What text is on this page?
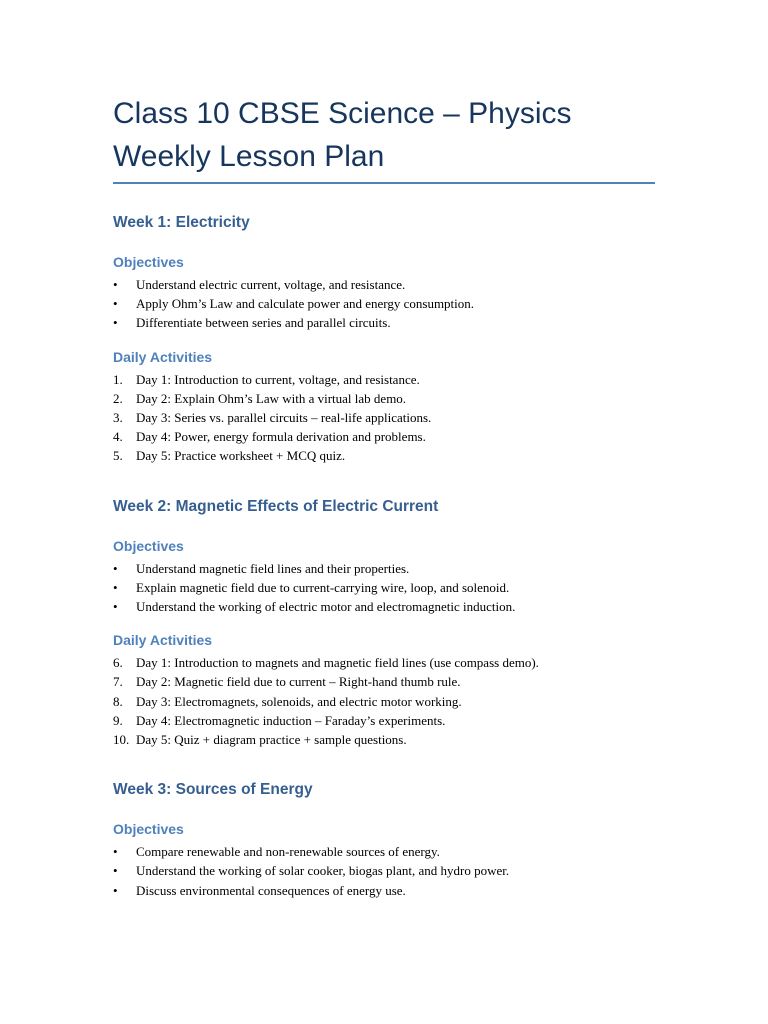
Class 10 CBSE Science – Physics Weekly Lesson Plan
Week 1: Electricity
Objectives
•	Understand electric current, voltage, and resistance.
•	Apply Ohm’s Law and calculate power and energy consumption.
•	Differentiate between series and parallel circuits.
Daily Activities
1.	Day 1: Introduction to current, voltage, and resistance.
2.	Day 2: Explain Ohm’s Law with a virtual lab demo.
3.	Day 3: Series vs. parallel circuits – real-life applications.
4.	Day 4: Power, energy formula derivation and problems.
5.	Day 5: Practice worksheet + MCQ quiz.
Week 2: Magnetic Effects of Electric Current
Objectives
•	Understand magnetic field lines and their properties.
•	Explain magnetic field due to current-carrying wire, loop, and solenoid.
•	Understand the working of electric motor and electromagnetic induction.
Daily Activities
6.	Day 1: Introduction to magnets and magnetic field lines (use compass demo).
7.	Day 2: Magnetic field due to current – Right-hand thumb rule.
8.	Day 3: Electromagnets, solenoids, and electric motor working.
9.	Day 4: Electromagnetic induction – Faraday’s experiments.
10. Day 5: Quiz + diagram practice + sample questions.
Week 3: Sources of Energy
Objectives
•	Compare renewable and non-renewable sources of energy.
•	Understand the working of solar cooker, biogas plant, and hydro power.
•	Discuss environmental consequences of energy use.
